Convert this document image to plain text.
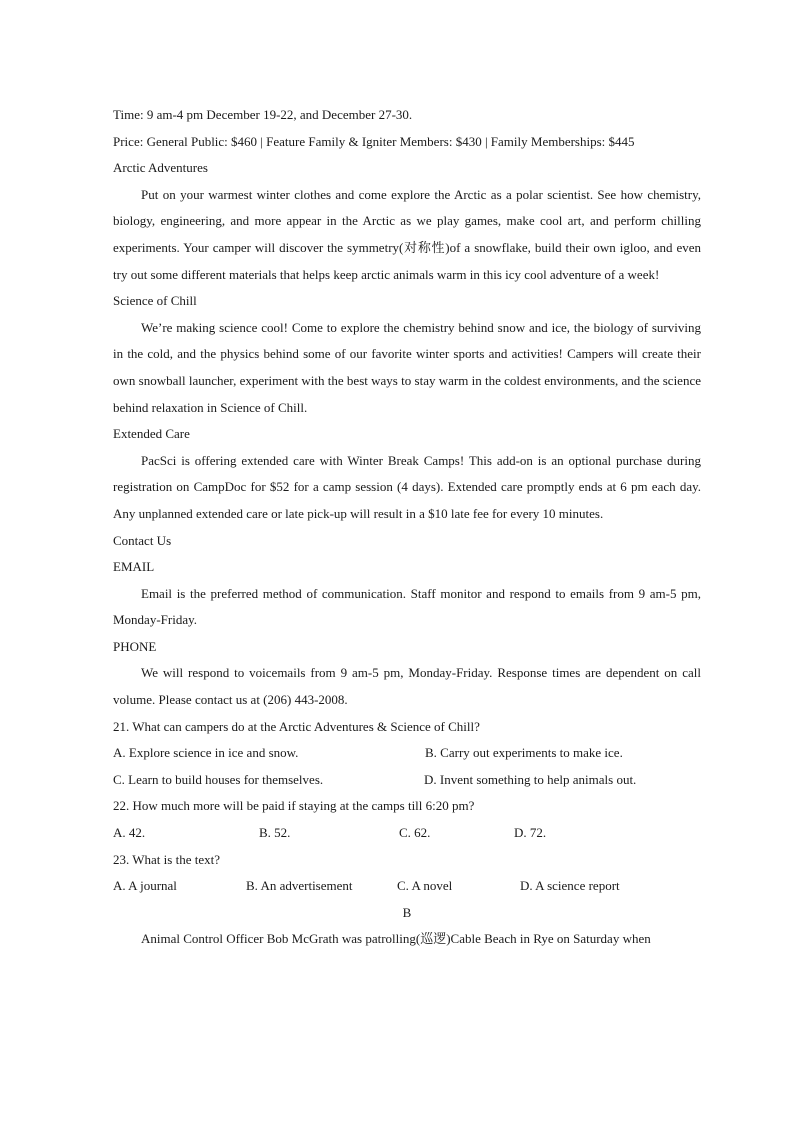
Time: 9 am-4 pm December 19-22, and December 27-30.
Price: General Public: $460 | Feature Family & Igniter Members: $430 | Family Memberships: $445
Arctic Adventures

Put on your warmest winter clothes and come explore the Arctic as a polar scientist. See how chemistry, biology, engineering, and more appear in the Arctic as we play games, make cool art, and perform chilling experiments. Your camper will discover the symmetry(对称性)of a snowflake, build their own igloo, and even try out some different materials that helps keep arctic animals warm in this icy cool adventure of a week!

Science of Chill

We’re making science cool! Come to explore the chemistry behind snow and ice, the biology of surviving in the cold, and the physics behind some of our favorite winter sports and activities! Campers will create their own snowball launcher, experiment with the best ways to stay warm in the coldest environments, and the science behind relaxation in Science of Chill.

Extended Care

PacSci is offering extended care with Winter Break Camps! This add-on is an optional purchase during registration on CampDoc for $52 for a camp session (4 days). Extended care promptly ends at 6 pm each day. Any unplanned extended care or late pick-up will result in a $10 late fee for every 10 minutes.

Contact Us
EMAIL

Email is the preferred method of communication. Staff monitor and respond to emails from 9 am-5 pm, Monday-Friday.

PHONE

We will respond to voicemails from 9 am-5 pm, Monday-Friday. Response times are dependent on call volume. Please contact us at (206) 443-2008.

21. What can campers do at the Arctic Adventures & Science of Chill?
A. Explore science in ice and snow.	B. Carry out experiments to make ice.
C. Learn to build houses for themselves.	D. Invent something to help animals out.
22. How much more will be paid if staying at the camps till 6:20 pm?
A. 42.	B. 52.	C. 62.	D. 72.
23. What is the text?
A. A journal	B. An advertisement	C. A novel	D. A science report
B

Animal Control Officer Bob McGrath was patrolling(巡逻)Cable Beach in Rye on Saturday when
